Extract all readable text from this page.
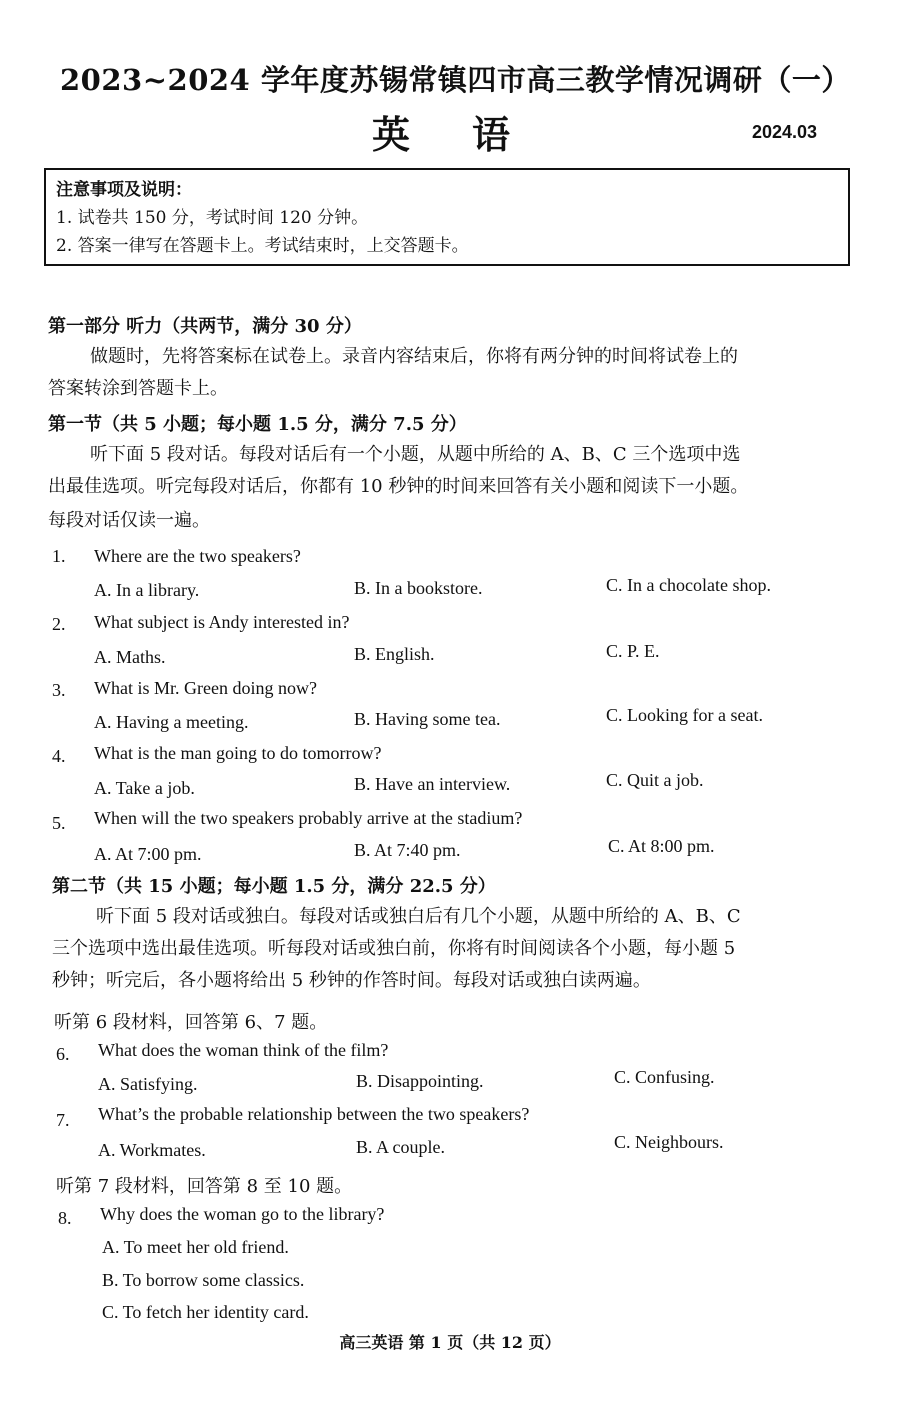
2023~2024 学年度苏锡常镇四市高三教学情况调研（一）
英语	2024.03
注意事项及说明：
1. 试卷共 150 分，考试时间 120 分钟。
2. 答案一律写在答题卡上。考试结束时，上交答题卡。
第一部分 听力（共两节，满分 30 分）
做题时，先将答案标在试卷上。录音内容结束后，你将有两分钟的时间将试卷上的
答案转涂到答题卡上。
第一节（共 5 小题；每小题 1.5 分，满分 7.5 分）
听下面 5 段对话。每段对话后有一个小题，从题中所给的 A、B、C 三个选项中选
出最佳选项。听完每段对话后，你都有 10 秒钟的时间来回答有关小题和阅读下一小题。
每段对话仅读一遍。
1. Where are the two speakers?
A. In a library.	B. In a bookstore.	C. In a chocolate shop.
2. What subject is Andy interested in?
A. Maths.	B. English.	C. P. E.
3. What is Mr. Green doing now?
A. Having a meeting.	B. Having some tea.	C. Looking for a seat.
4. What is the man going to do tomorrow?
A. Take a job.	B. Have an interview.	C. Quit a job.
5. When will the two speakers probably arrive at the stadium?
A. At 7:00 pm.	B. At 7:40 pm.	C. At 8:00 pm.
第二节（共 15 小题；每小题 1.5 分，满分 22.5 分）
听下面 5 段对话或独白。每段对话或独白后有几个小题，从题中所给的 A、B、C
三个选项中选出最佳选项。听每段对话或独白前，你将有时间阅读各个小题，每小题 5
秒钟；听完后，各小题将给出 5 秒钟的作答时间。每段对话或独白读两遍。
听第 6 段材料，回答第 6、7 题。
6. What does the woman think of the film?
A. Satisfying.	B. Disappointing.	C. Confusing.
7. What’s the probable relationship between the two speakers?
A. Workmates.	B. A couple.	C. Neighbours.
听第 7 段材料，回答第 8 至 10 题。
8. Why does the woman go to the library?
A. To meet her old friend.
B. To borrow some classics.
C. To fetch her identity card.
高三英语 第 1 页（共 12 页）
